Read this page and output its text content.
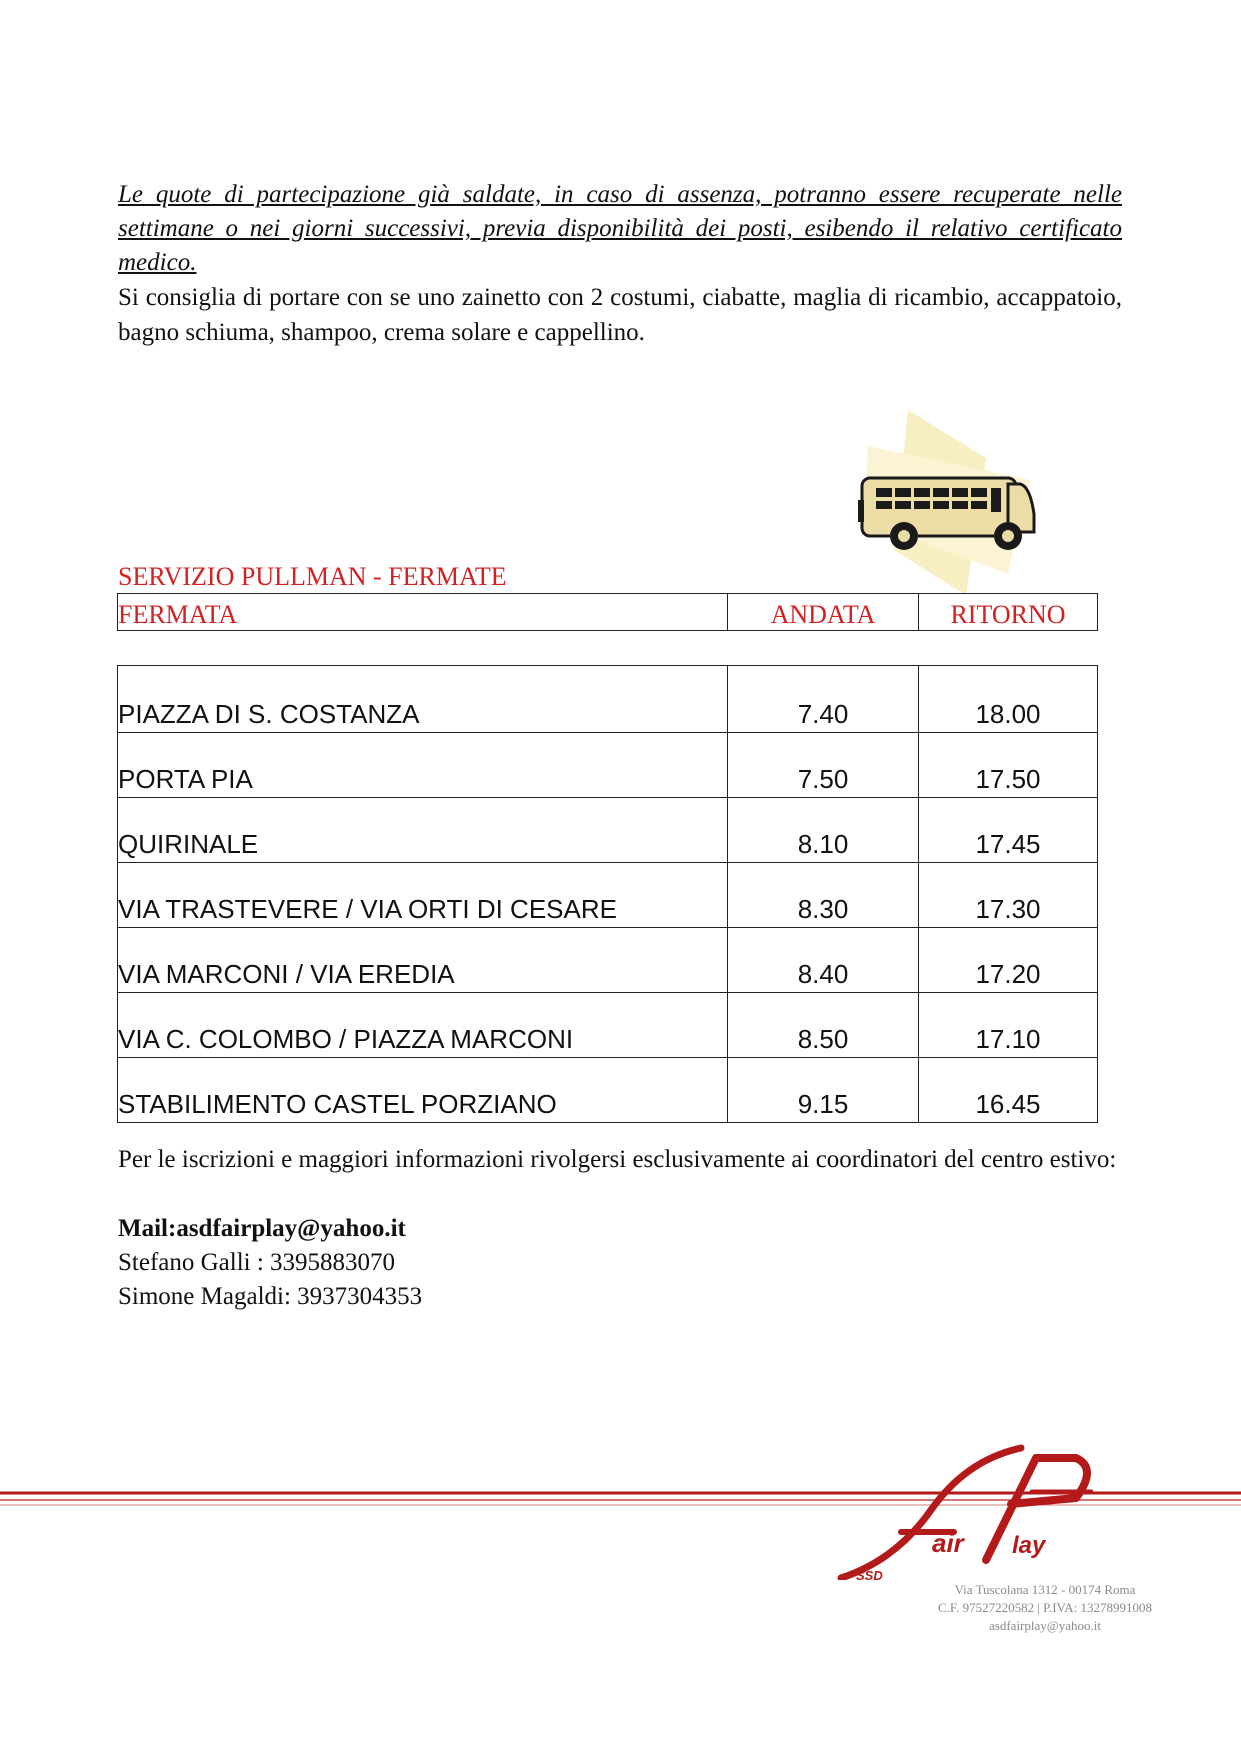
Le quote di partecipazione già saldate, in caso di assenza, potranno essere recuperate nelle settimane o nei giorni successivi, previa disponibilità dei posti, esibendo il relativo certificato medico.
Si consiglia di portare con se uno zainetto con 2 costumi, ciabatte, maglia di ricambio, accappatoio, bagno schiuma, shampoo, crema solare e cappellino.
SERVIZIO PULLMAN - FERMATE
FERMATA	ANDATA	RITORNO
PIAZZA DI S. COSTANZA	7.40	18.00
PORTA PIA	7.50	17.50
QUIRINALE	8.10	17.45
VIA TRASTEVERE / VIA ORTI DI CESARE	8.30	17.30
VIA MARCONI / VIA EREDIA	8.40	17.20
VIA C. COLOMBO / PIAZZA MARCONI	8.50	17.10
STABILIMENTO CASTEL PORZIANO	9.15	16.45
Per le iscrizioni e maggiori informazioni rivolgersi esclusivamente ai coordinatori del centro estivo:
Mail:asdfairplay@yahoo.it
Stefano Galli : 3395883070
Simone Magaldi: 3937304353
air lay
SSD
Via Tuscolana 1312 - 00174 Roma
C.F. 97527220582 | P.IVA: 13278991008
asdfairplay@yahoo.it
